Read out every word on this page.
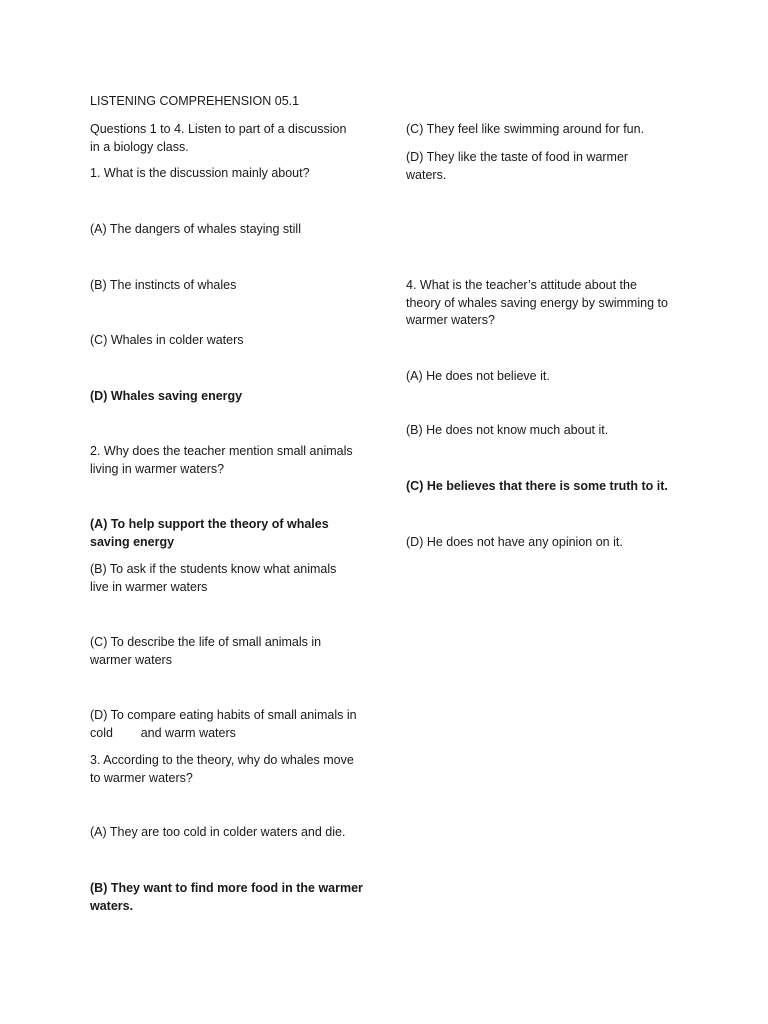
LISTENING COMPREHENSION 05.1
Questions 1 to 4. Listen to part of a discussion
in a biology class.
1. What is the discussion mainly about?
(A) The dangers of whales staying still
(B) The instincts of whales
(C) Whales in colder waters
(D) Whales saving energy
2. Why does the teacher mention small animals
living in warmer waters?
(A) To help support the theory of whales
saving energy
(B) To ask if the students know what animals
live in warmer waters
(C) To describe the life of small animals in
warmer waters
(D) To compare eating habits of small animals in
cold        and warm waters
3. According to the theory, why do whales move
to warmer waters?
(A) They are too cold in colder waters and die.
(B) They want to find more food in the warmer
waters.
(C) They feel like swimming around for fun.
(D) They like the taste of food in warmer
waters.
4. What is the teacher’s attitude about the
theory of whales saving energy by swimming to
warmer waters?
(A) He does not believe it.
(B) He does not know much about it.
(C) He believes that there is some truth to it.
(D) He does not have any opinion on it.
